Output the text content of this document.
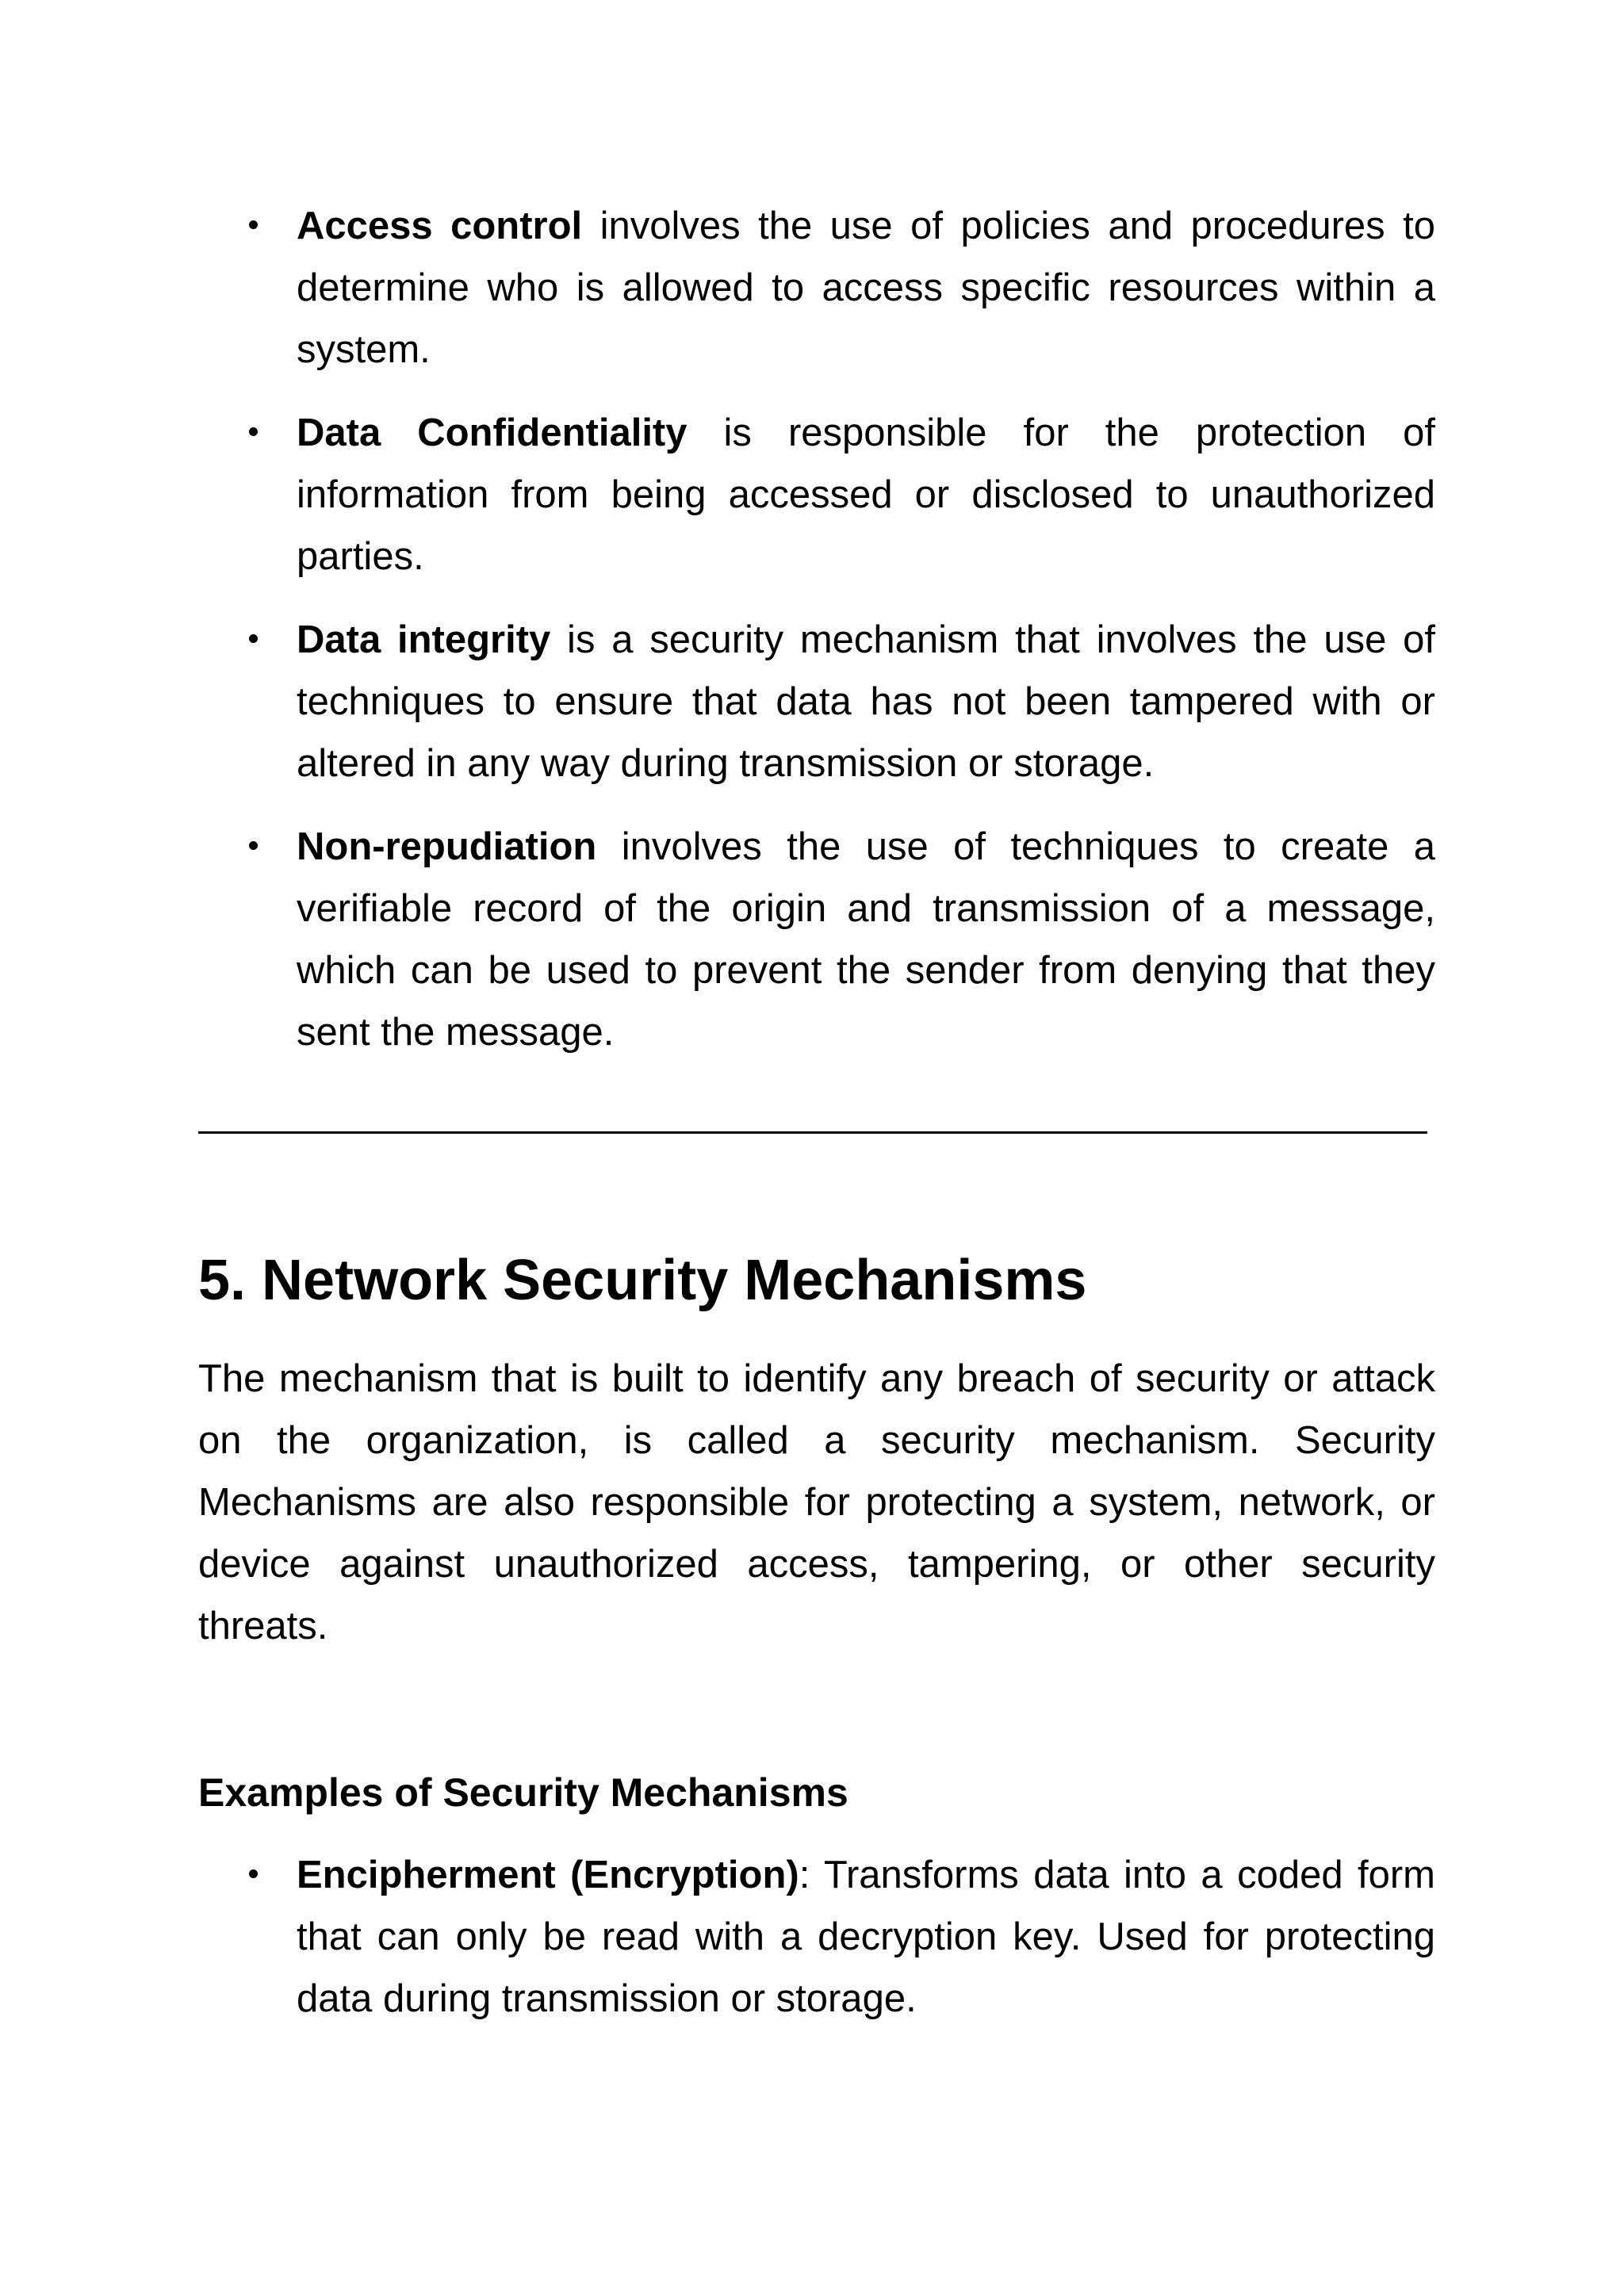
Access control involves the use of policies and procedures to determine who is allowed to access specific resources within a system.
Data Confidentiality is responsible for the protection of information from being accessed or disclosed to unauthorized parties.
Data integrity is a security mechanism that involves the use of techniques to ensure that data has not been tampered with or altered in any way during transmission or storage.
Non-repudiation involves the use of techniques to create a verifiable record of the origin and transmission of a message, which can be used to prevent the sender from denying that they sent the message.
5. Network Security Mechanisms

The mechanism that is built to identify any breach of security or attack on the organization, is called a security mechanism. Security Mechanisms are also responsible for protecting a system, network, or device against unauthorized access, tampering, or other security threats.

Examples of Security Mechanisms
Encipherment (Encryption): Transforms data into a coded form that can only be read with a decryption key. Used for protecting data during transmission or storage.
